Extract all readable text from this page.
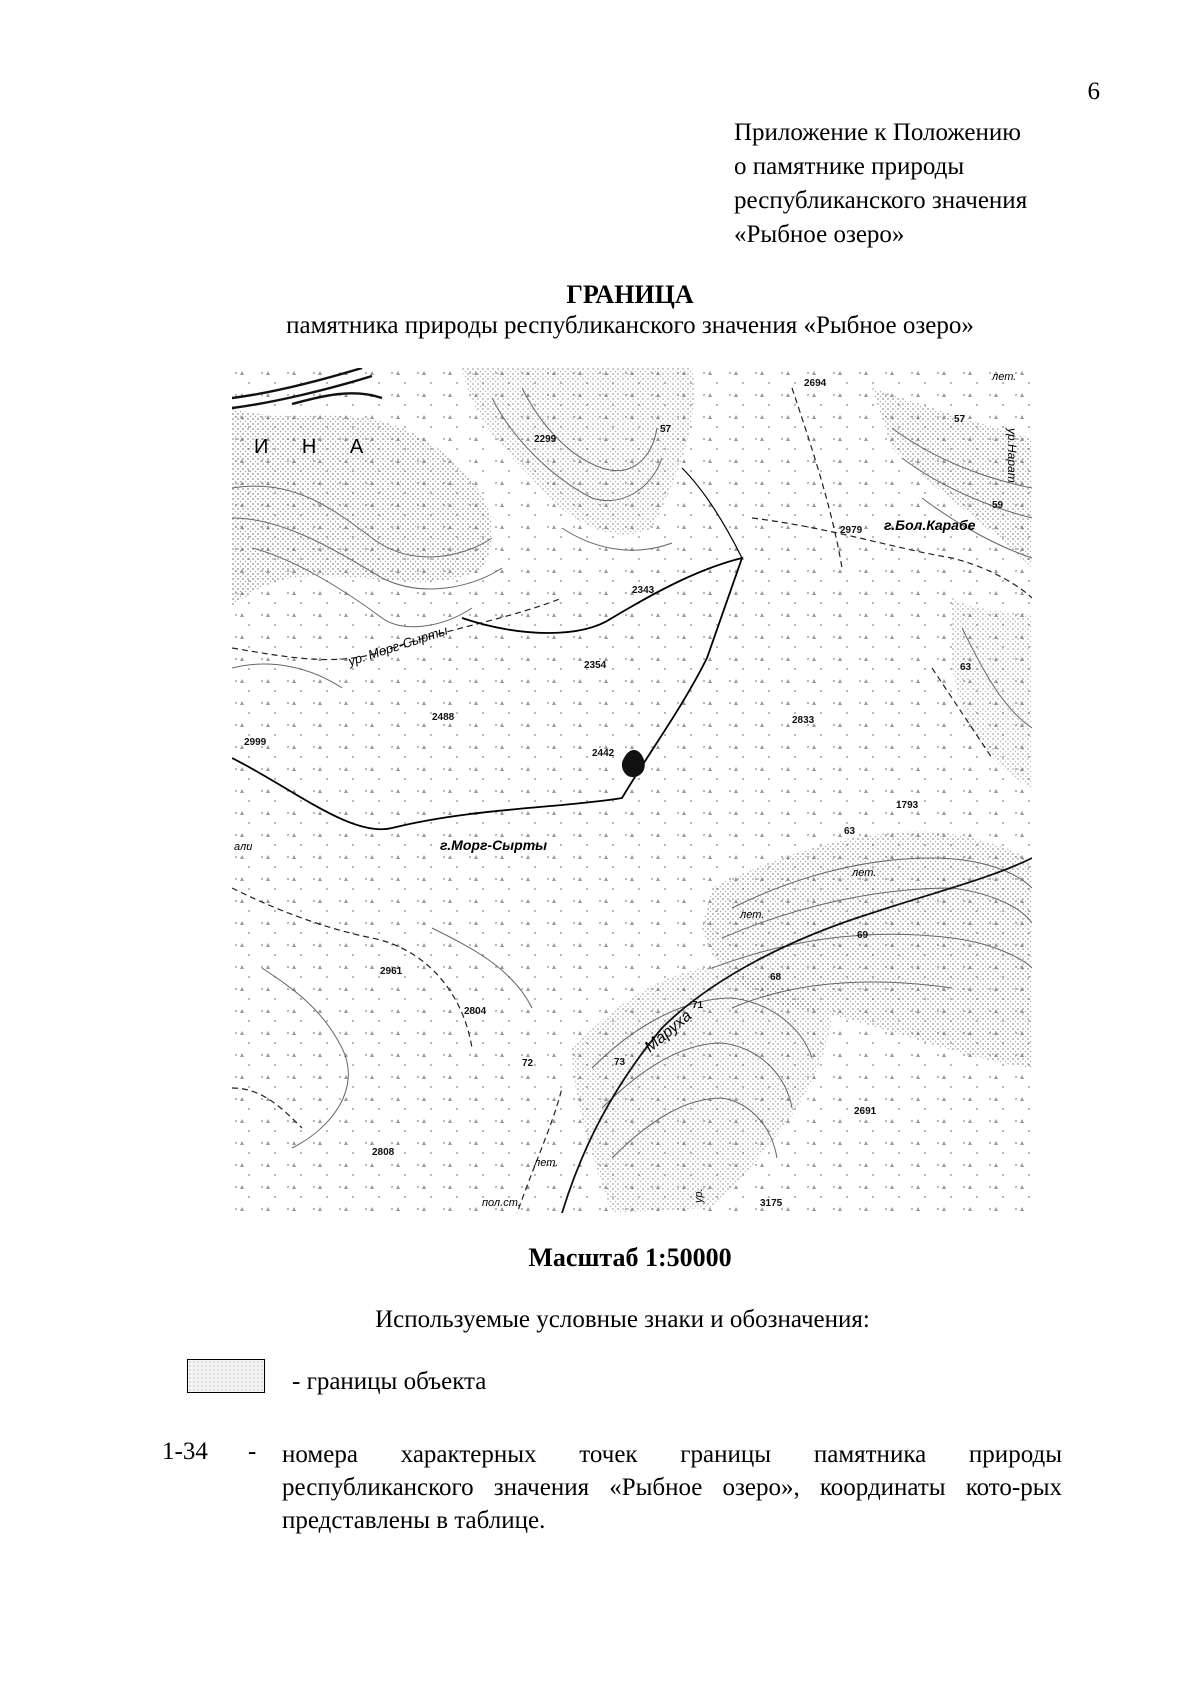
6
Приложение к Положению
о памятнике природы
республиканского значения
«Рыбное озеро»
ГРАНИЦА
памятника природы республиканского значения «Рыбное озеро»
И Н А
ур. Морг-Сырты
г.Морг-Сырты
г.Бол.Карабе
Маруха
ур.Нарат
лет.
лет.
лет.
лет.
пол.ст.	ур.
али
2694
2299
57
2979
59
2343
2354	63
2488	2833
2999
2442
1793
63
69
2961
68
71
2804
72	73
2691
2808
3175
57
Масштаб 1:50000
Используемые условные знаки и обозначения:
- границы объекта
1-34 - номера характерных точек границы памятника природы республиканского значения «Рыбное озеро», координаты кото-рых представлены в таблице.
